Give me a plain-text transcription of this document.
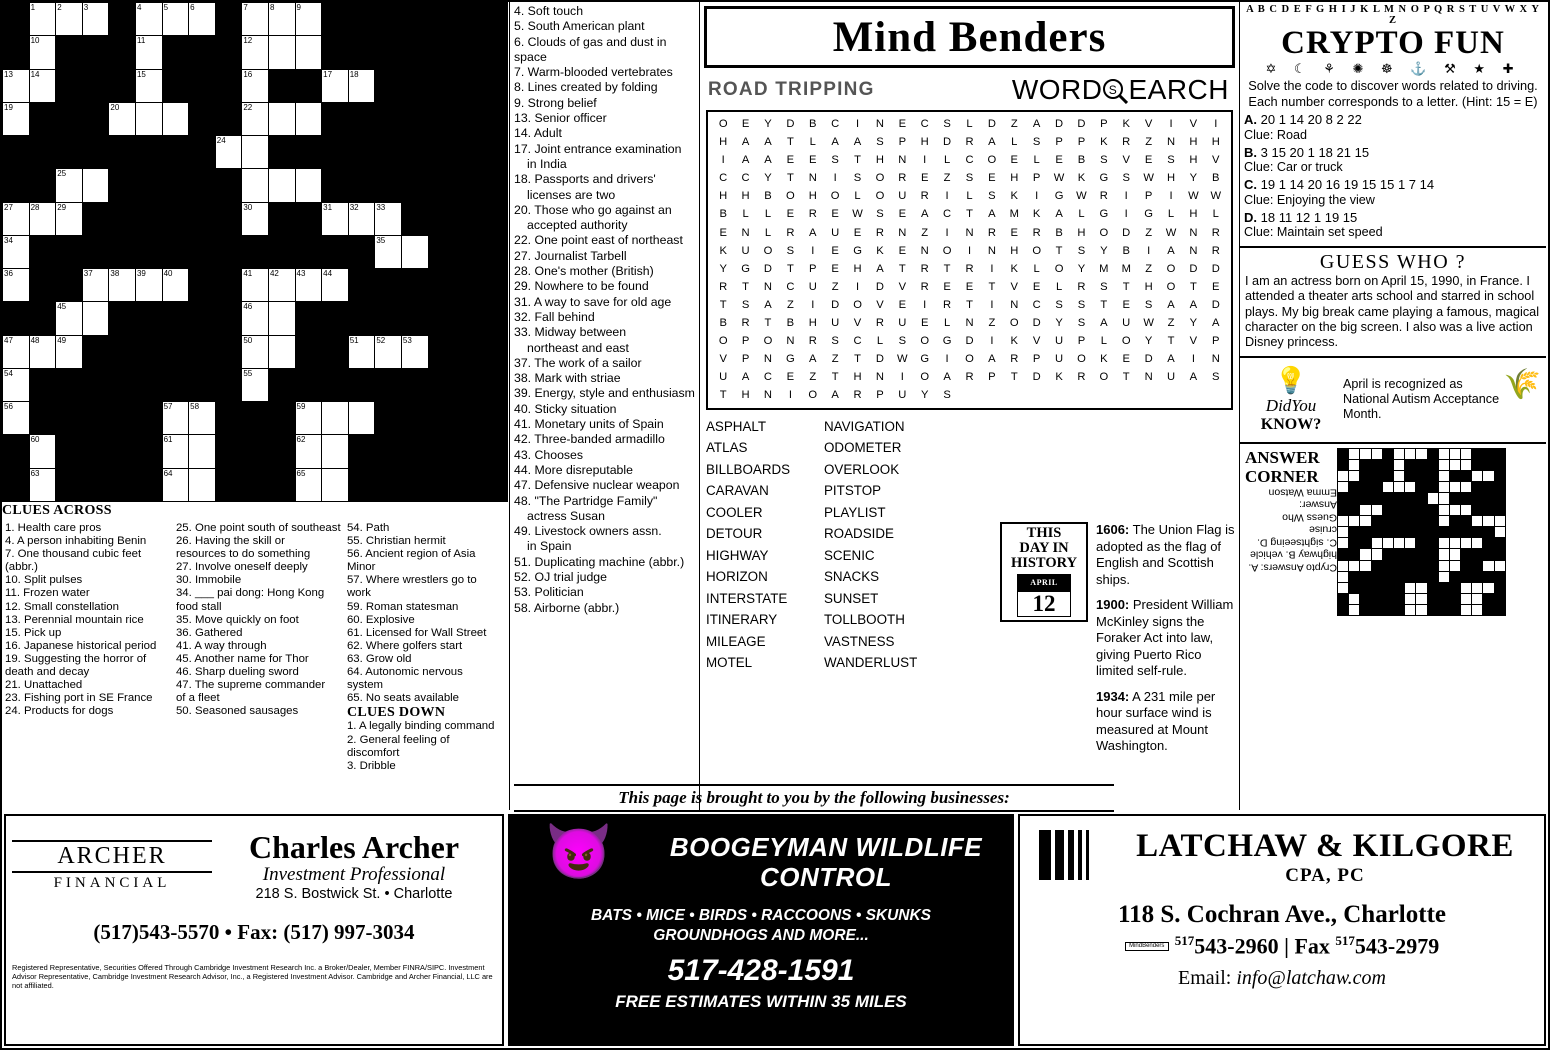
	1	2	3		4	5	6		7	8	9							
	10				11				12									
13	14				15				16			17	18					
19				20					22									
								24										
		25																
27	28	29							30			31	32	33				
34														35				
36			37	38	39	40			41	42	43	44						
		45							46									
47	48	49							50				51	52	53			
54									55									
56						57	58				59							
	60					61					62							
	63					64					65							
CLUES ACROSS

1. Health care pros

4. A person inhabiting Benin

7. One thousand cubic feet (abbr.)

10. Split pulses

11. Frozen water

12. Small constellation

13. Perennial mountain rice

15. Pick up

16. Japanese historical period

19. Suggesting the horror of

death and decay

21. Unattached

23. Fishing port in SE France

24. Products for dogs

25. One point south of southeast

26. Having the skill or

resources to do something

27. Involve oneself deeply

30. Immobile

34. ___ pai dong: Hong Kong

food stall

35. Move quickly on foot

36. Gathered

41. A way through

45. Another name for Thor

46. Sharp dueling sword

47. The supreme commander

of a fleet

50. Seasoned sausages

54. Path

55. Christian hermit

56. Ancient region of Asia Minor

57. Where wrestlers go to work

59. Roman statesman

60. Explosive

61. Licensed for Wall Street

62. Where golfers start

63. Grow old

64. Autonomic nervous system

65. No seats available

CLUES DOWN

1. A legally binding command

2. General feeling of discomfort

3. Dribble

4. Soft touch

5. South American plant

6. Clouds of gas and dust in space

7. Warm-blooded vertebrates

8. Lines created by folding

9. Strong belief

13. Senior officer

14. Adult

17. Joint entrance examination

in India

18. Passports and drivers'

licenses are two

20. Those who go against an

accepted authority

22. One point east of northeast

27. Journalist Tarbell

28. One's mother (British)

29. Nowhere to be found

31. A way to save for old age

32. Fall behind

33. Midway between

northeast and east

37. The work of a sailor

38. Mark with striae

39. Energy, style and enthusiasm

40. Sticky situation

41. Monetary units of Spain

42. Three-banded armadillo

43. Chooses

44. More disreputable

47. Defensive nuclear weapon

48. "The Partridge Family"

actress Susan

49. Livestock owners assn.

in Spain

51. Duplicating machine (abbr.)

52. OJ trial judge

53. Politician

58. Airborne (abbr.)

Mind Benders
ROAD TRIPPING	WORD S EARCH
O	E	Y	D	B	C	I	N	E	C	S	L	D	Z	A	D	D	P	K	V	I	V	I
H	A	A	T	L	A	A	S	P	H	D	R	A	L	S	P	P	K	R	Z	N	H	H
I	A	A	E	E	S	T	H	N	I	L	C	O	E	L	E	B	S	V	E	S	H	V
C	C	Y	T	N	I	S	O	R	E	Z	S	E	H	P	W	K	G	S	W	H	Y	B
H	H	B	O	H	O	L	O	U	R	I	L	S	K	I	G	W	R	I	P	I	W	W
B	L	L	E	R	E	W	S	E	A	C	T	A	M	K	A	L	G	I	G	L	H	L
E	N	L	R	A	U	E	R	N	Z	I	N	R	E	R	B	H	O	D	Z	W	N	R
K	U	O	S	I	E	G	K	E	N	O	I	N	H	O	T	S	Y	B	I	A	N	R
Y	G	D	T	P	E	H	A	T	R	T	R	I	K	L	O	Y	M	M	Z	O	D	D
R	T	N	C	U	Z	I	D	V	R	E	E	T	V	E	L	R	S	T	H	O	T	E
T	S	A	Z	I	D	O	V	E	I	R	T	I	N	C	S	S	T	E	S	A	A	D
B	R	T	B	H	U	V	R	U	E	L	N	Z	O	D	Y	S	A	U	W	Z	Y	A
O	P	O	N	R	S	C	L	S	O	G	D	I	K	V	U	P	L	O	Y	T	V	P
V	P	N	G	A	Z	T	D	W	G	I	O	A	R	P	U	O	K	E	D	A	I	N
U	A	C	E	Z	T	H	N	I	O	A	R	P	T	D	K	R	O	T	N	U	A	S
T	H	N	I	O	A	R	P	U	Y	S
ASPHALT
ATLAS
BILLBOARDS
CARAVAN
COOLER
DETOUR
HIGHWAY
HORIZON
INTERSTATE
ITINERARY
MILEAGE
MOTEL
NAVIGATION
ODOMETER
OVERLOOK
PITSTOP
PLAYLIST
ROADSIDE
SCENIC
SNACKS
SUNSET
TOLLBOOTH
VASTNESS
WANDERLUST
THIS
DAY IN
HISTORY
APRIL
12

1606: The Union Flag is adopted as the flag of English and Scottish ships.

1900: President William McKinley signs the Foraker Act into law, giving Puerto Rico limited self-rule.

1934: A 231 mile per hour surface wind is measured at Mount Washington.

A B C D E F G H I J K L M N O P Q R S T U V W X Y Z
CRYPTO FUN
✡ ☾ ⚘ ✺ ☸ ⚓ ⚒ ★ ✚
Solve the code to discover words related to driving. Each number corresponds to a letter. (Hint: 15 = E)
A. 20 1 14 20 8 2 22
Clue: Road
B. 3 15 20 1 18 21 15
Clue: Car or truck
C. 19 1 14 20 16 19 15 15 1 7 14
Clue: Enjoying the view
D. 18 11 12 1 19 15
Clue: Maintain set speed
GUESS WHO ?
I am an actress born on April 15, 1990, in France. I attended a theater arts school and starred in school plays. My big break came playing a famous, magical character on the big screen. I also was a live action Disney princess.
💡
DidYou
KNOW?
🌾
April is recognized as National Autism Acceptance Month.
ANSWER
CORNER
Crypto Answers: A. highway B. vehicle C. sightseeing D. cruise
Guess Who Answer:
Emma Watson

This page is brought to you by the following businesses:
ARCHER
FINANCIAL
Charles Archer
Investment Professional
218 S. Bostwick St. • Charlotte
(517)543-5570 • Fax: (517) 997-3034
Registered Representative, Securities Offered Through Cambridge Investment Research Inc. a Broker/Dealer, Member FINRA/SIPC. Investment Advisor Representative, Cambridge Investment Research Advisor, Inc., a Registered Investment Advisor. Cambridge and Archer Financial, LLC are not affiliated.
😈	BOOGEYMAN WILDLIFE
CONTROL
BATS • MICE • BIRDS • RACCOONS • SKUNKS
GROUNDHOGS AND MORE...
517-428-1591
FREE ESTIMATES WITHIN 35 MILES
LATCHAW & KILGORE
CPA, PC
118 S. Cochran Ave., Charlotte
MindBenders $^{517}$543-2960 | Fax $^{517}$543-2979
Email: info@latchaw.com
